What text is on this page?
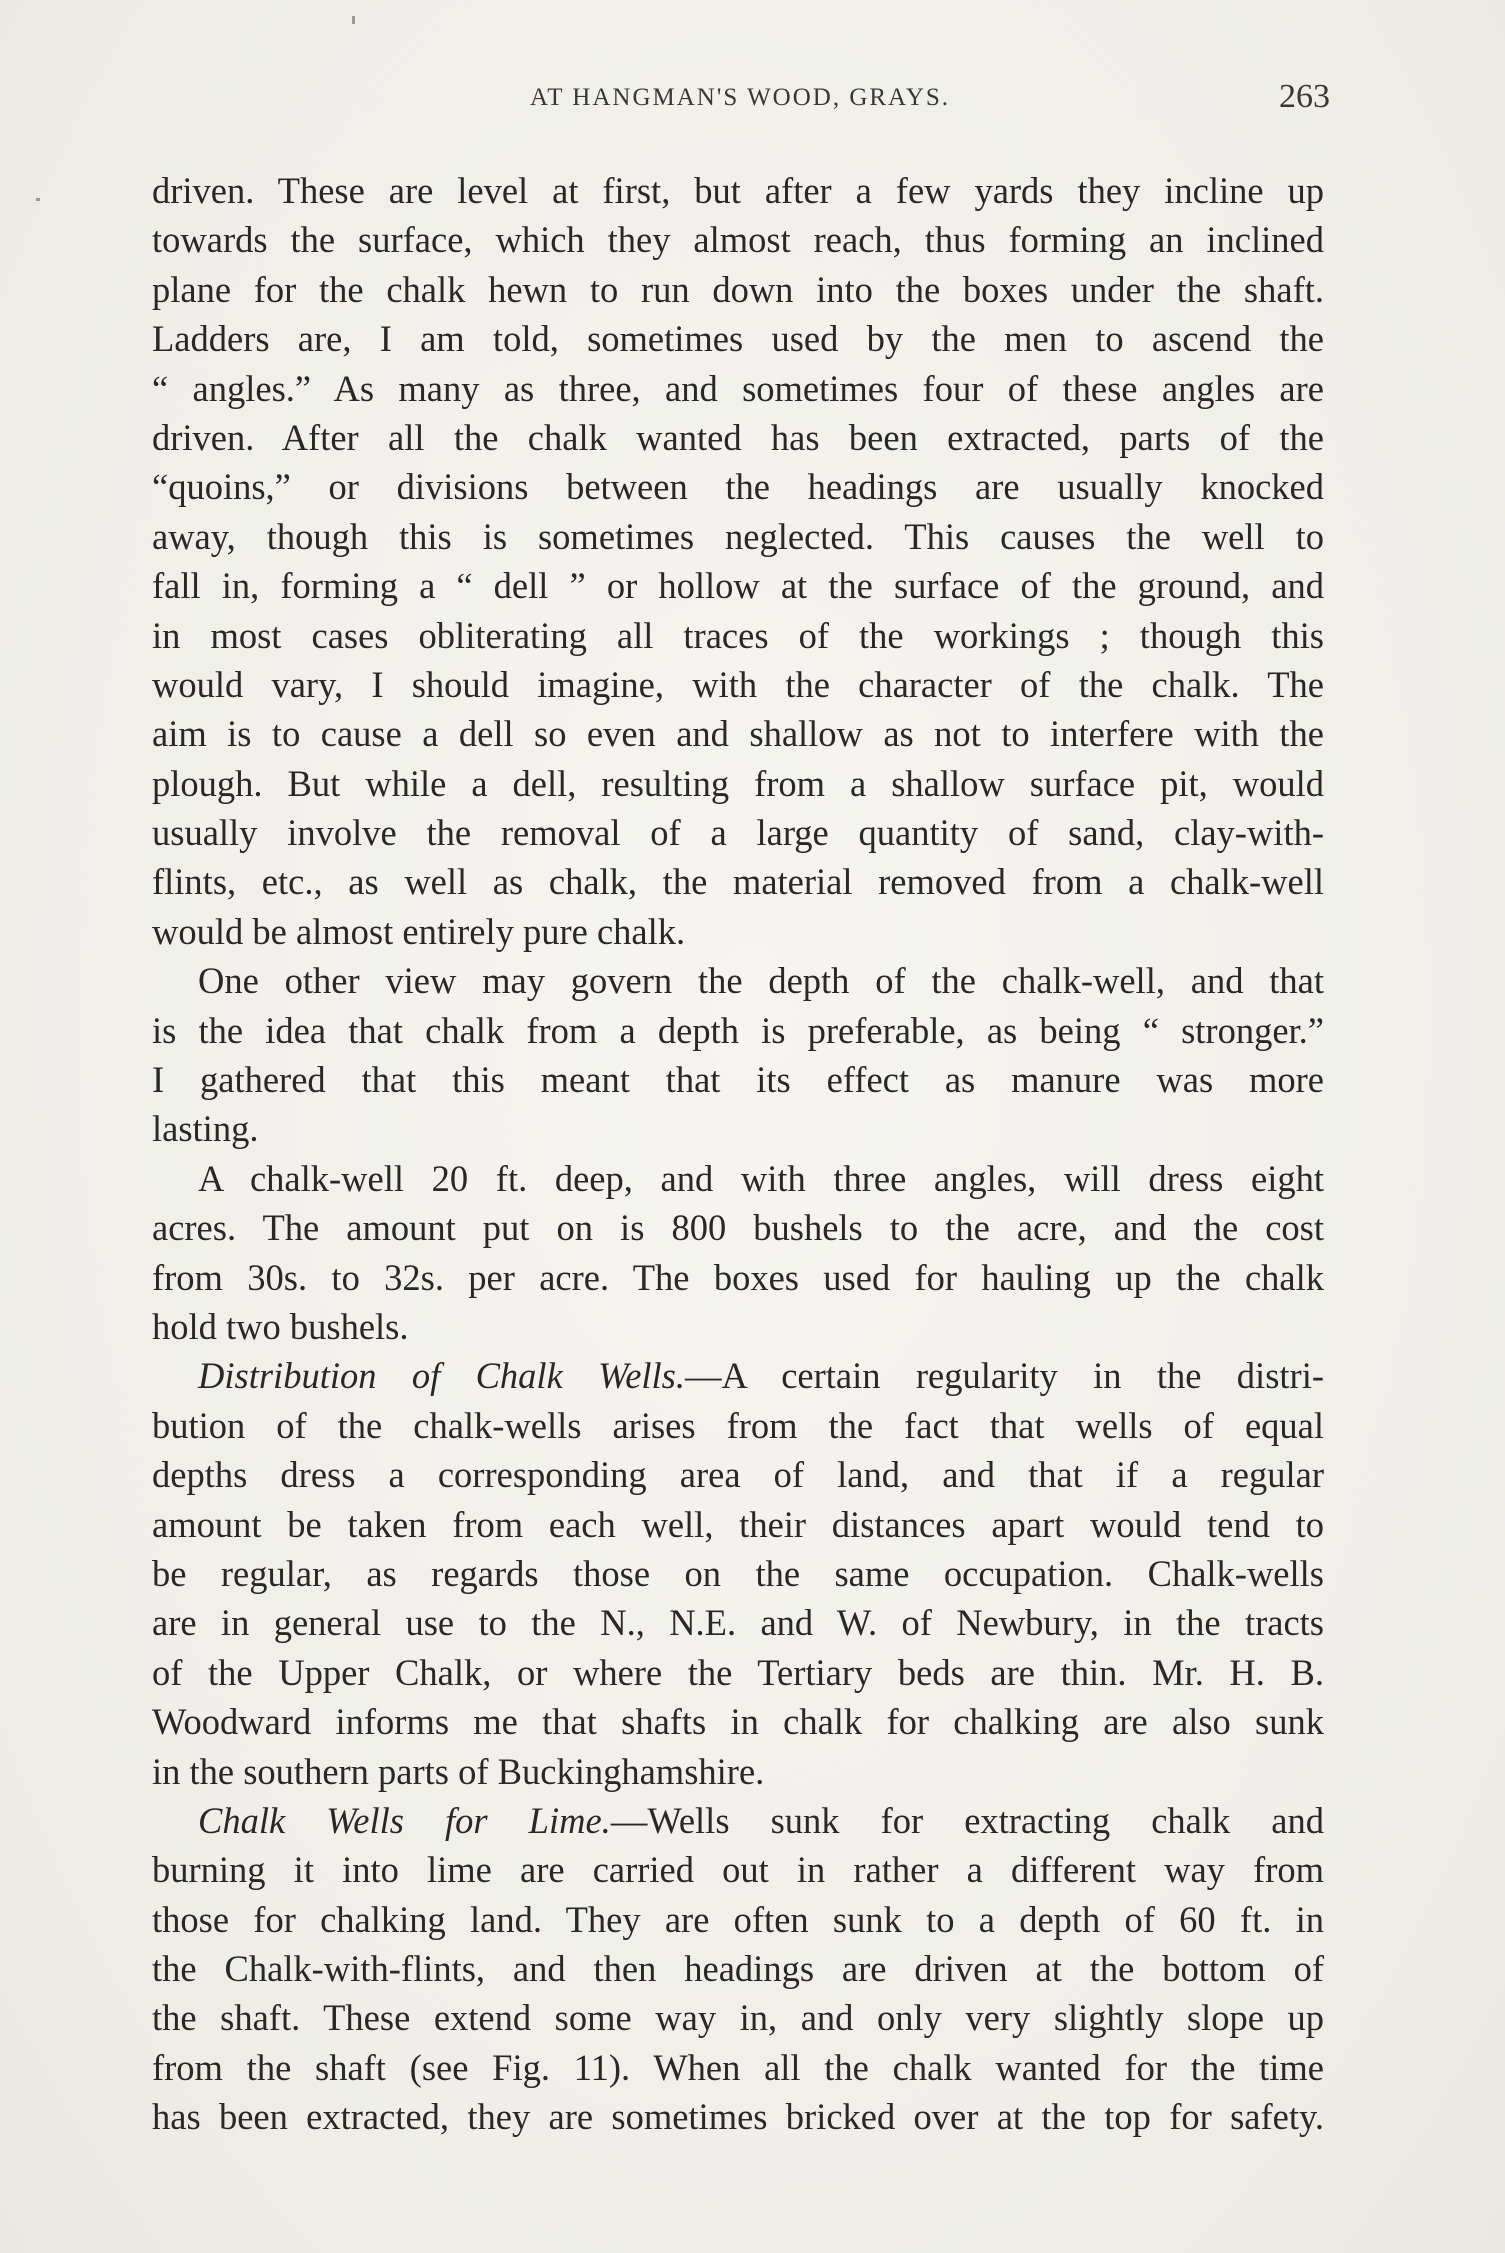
AT HANGMAN'S WOOD, GRAYS.	263
driven. These are level at first, but after a few yards they incline up
towards the surface, which they almost reach, thus forming an inclined
plane for the chalk hewn to run down into the boxes under the shaft.
Ladders are, I am told, sometimes used by the men to ascend the
“ angles.” As many as three, and sometimes four of these angles are
driven. After all the chalk wanted has been extracted, parts of the
“quoins,” or divisions between the headings are usually knocked
away, though this is sometimes neglected. This causes the well to
fall in, forming a “ dell ” or hollow at the surface of the ground, and
in most cases obliterating all traces of the workings ; though this
would vary, I should imagine, with the character of the chalk. The
aim is to cause a dell so even and shallow as not to interfere with the
plough. But while a dell, resulting from a shallow surface pit, would
usually involve the removal of a large quantity of sand, clay-with-
flints, etc., as well as chalk, the material removed from a chalk-well
would be almost entirely pure chalk.
One other view may govern the depth of the chalk-well, and that
is the idea that chalk from a depth is preferable, as being “ stronger.”
I gathered that this meant that its effect as manure was more
lasting.
A chalk-well 20 ft. deep, and with three angles, will dress eight
acres. The amount put on is 800 bushels to the acre, and the cost
from 30s. to 32s. per acre. The boxes used for hauling up the chalk
hold two bushels.
Distribution of Chalk Wells.—A certain regularity in the distri-
bution of the chalk-wells arises from the fact that wells of equal
depths dress a corresponding area of land, and that if a regular
amount be taken from each well, their distances apart would tend to
be regular, as regards those on the same occupation. Chalk-wells
are in general use to the N., N.E. and W. of Newbury, in the tracts
of the Upper Chalk, or where the Tertiary beds are thin. Mr. H. B.
Woodward informs me that shafts in chalk for chalking are also sunk
in the southern parts of Buckinghamshire.
Chalk Wells for Lime.—Wells sunk for extracting chalk and
burning it into lime are carried out in rather a different way from
those for chalking land. They are often sunk to a depth of 60 ft. in
the Chalk-with-flints, and then headings are driven at the bottom of
the shaft. These extend some way in, and only very slightly slope up
from the shaft (see Fig. 11). When all the chalk wanted for the time
has been extracted, they are sometimes bricked over at the top for safety.
